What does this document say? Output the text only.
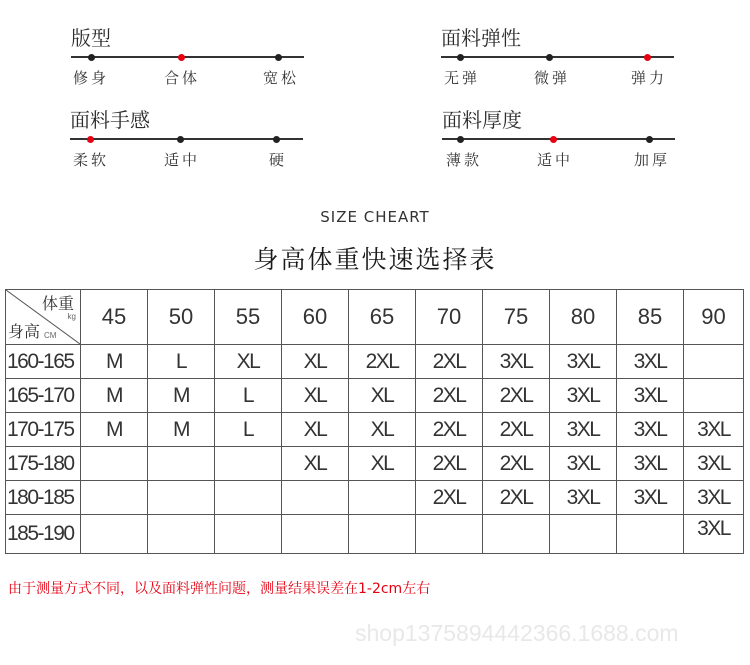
版型
修身	合体	宽松
面料弹性
无弹	微弹	弹力
面料手感
柔软	适中	硬
面料厚度
薄款	适中	加厚
SIZE CHEART
身高体重快速选择表
体重
kg
身高 CM	45	50	55	60	65	70	75	80	85	90
160-165	M	L	XL	XL	2XL	2XL	3XL	3XL	3XL	
165-170	M	M	L	XL	XL	2XL	2XL	3XL	3XL	
170-175	M	M	L	XL	XL	2XL	2XL	3XL	3XL	3XL
175-180				XL	XL	2XL	2XL	3XL	3XL	3XL
180-185						2XL	2XL	3XL	3XL	3XL
185-190										3XL
由于测量方式不同，以及面料弹性问题，测量结果误差在1-2cm左右
shop1375894442366.1688.com
